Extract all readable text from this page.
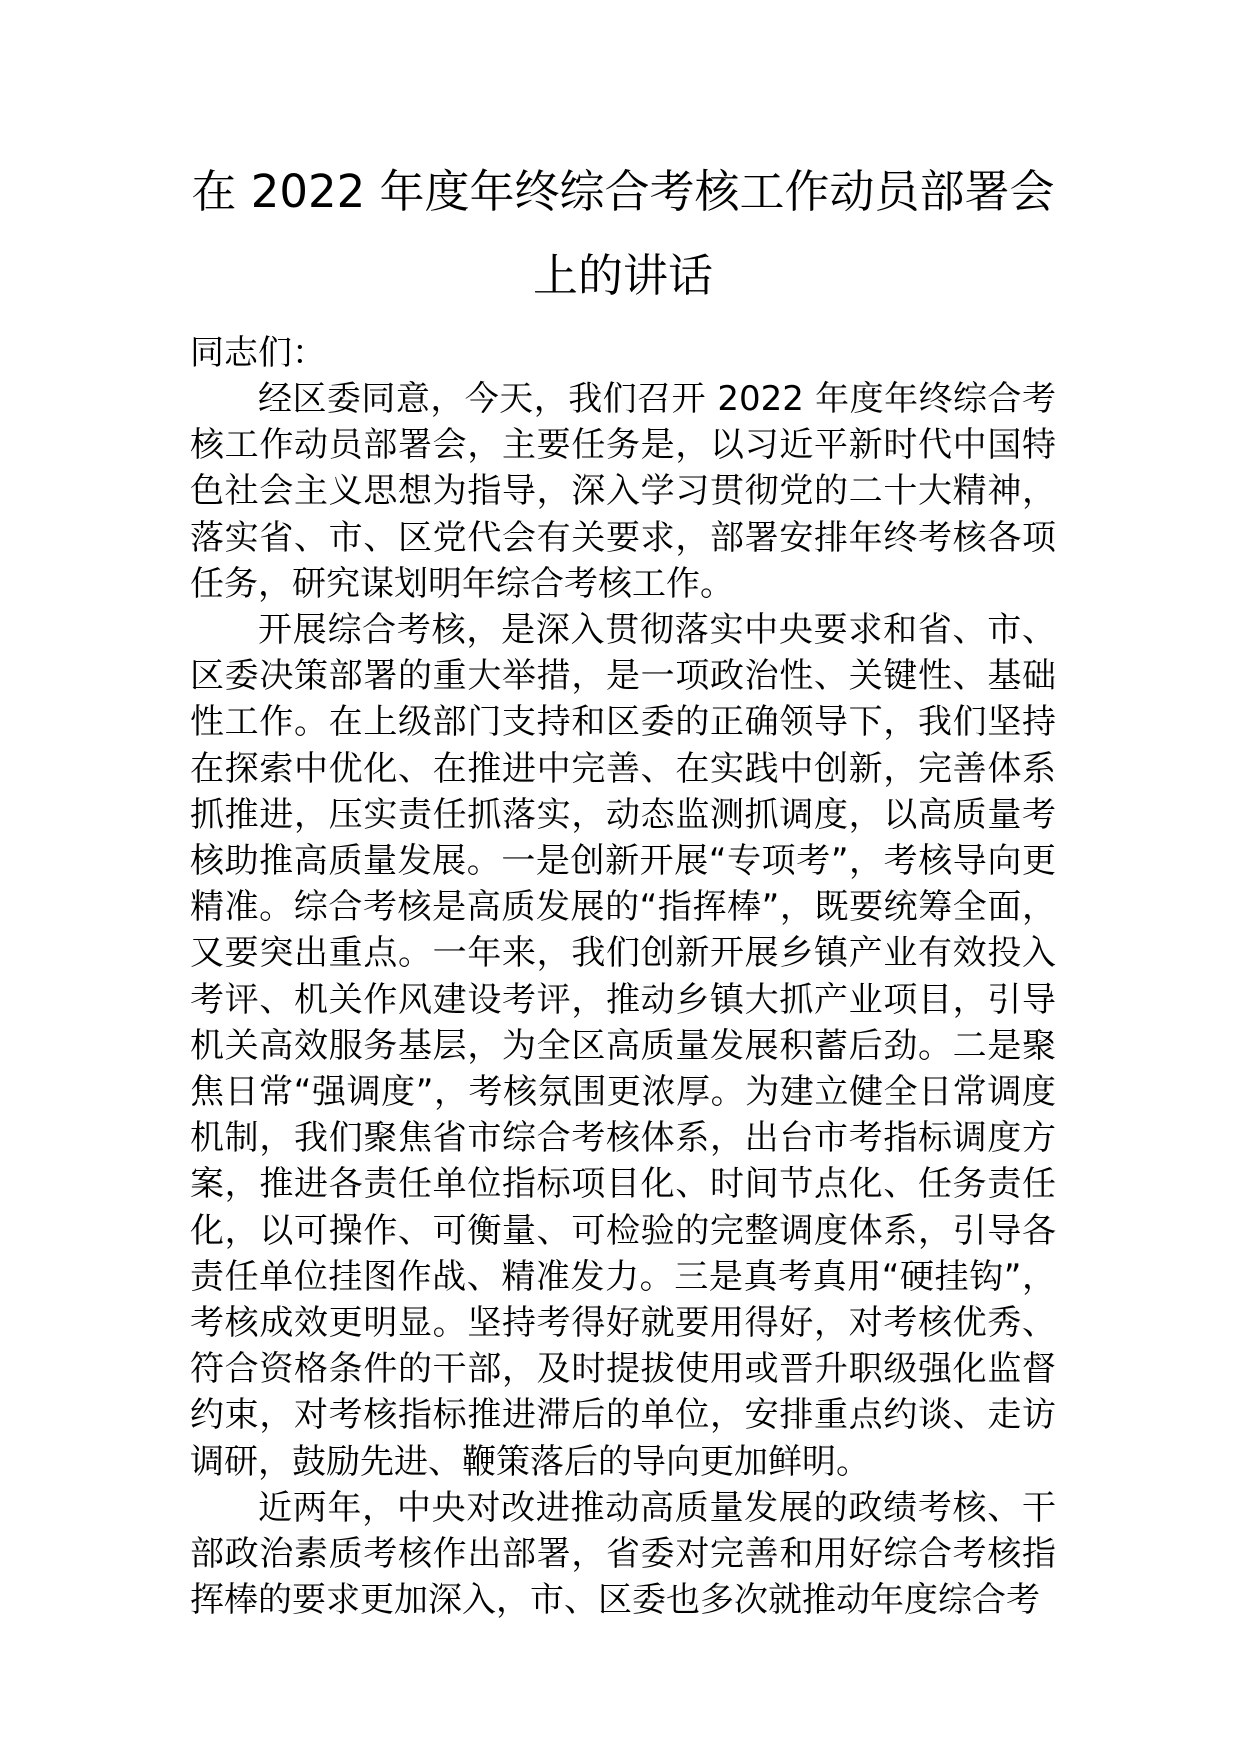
在 2022 年度年终综合考核工作动员部署会
上的讲话

同志们：

经区委同意，今天，我们召开 2022 年度年终综合考核工作动员部署会，主要任务是，以习近平新时代中国特色社会主义思想为指导，深入学习贯彻党的二十大精神，落实省、市、区党代会有关要求，部署安排年终考核各项任务，研究谋划明年综合考核工作。

开展综合考核，是深入贯彻落实中央要求和省、市、区委决策部署的重大举措，是一项政治性、关键性、基础性工作。在上级部门支持和区委的正确领导下，我们坚持在探索中优化、在推进中完善、在实践中创新，完善体系抓推进，压实责任抓落实，动态监测抓调度，以高质量考核助推高质量发展。一是创新开展“专项考”，考核导向更精准。综合考核是高质发展的“指挥棒”，既要统筹全面，又要突出重点。一年来，我们创新开展乡镇产业有效投入考评、机关作风建设考评，推动乡镇大抓产业项目，引导机关高效服务基层，为全区高质量发展积蓄后劲。二是聚焦日常“强调度”，考核氛围更浓厚。为建立健全日常调度机制，我们聚焦省市综合考核体系，出台市考指标调度方案，推进各责任单位指标项目化、时间节点化、任务责任化，以可操作、可衡量、可检验的完整调度体系，引导各责任单位挂图作战、精准发力。三是真考真用“硬挂钩”，考核成效更明显。坚持考得好就要用得好，对考核优秀、符合资格条件的干部，及时提拔使用或晋升职级强化监督约束，对考核指标推进滞后的单位，安排重点约谈、走访调研，鼓励先进、鞭策落后的导向更加鲜明。

近两年，中央对改进推动高质量发展的政绩考核、干部政治素质考核作出部署，省委对完善和用好综合考核指挥棒的要求更加深入，市、区委也多次就推动年度综合考
